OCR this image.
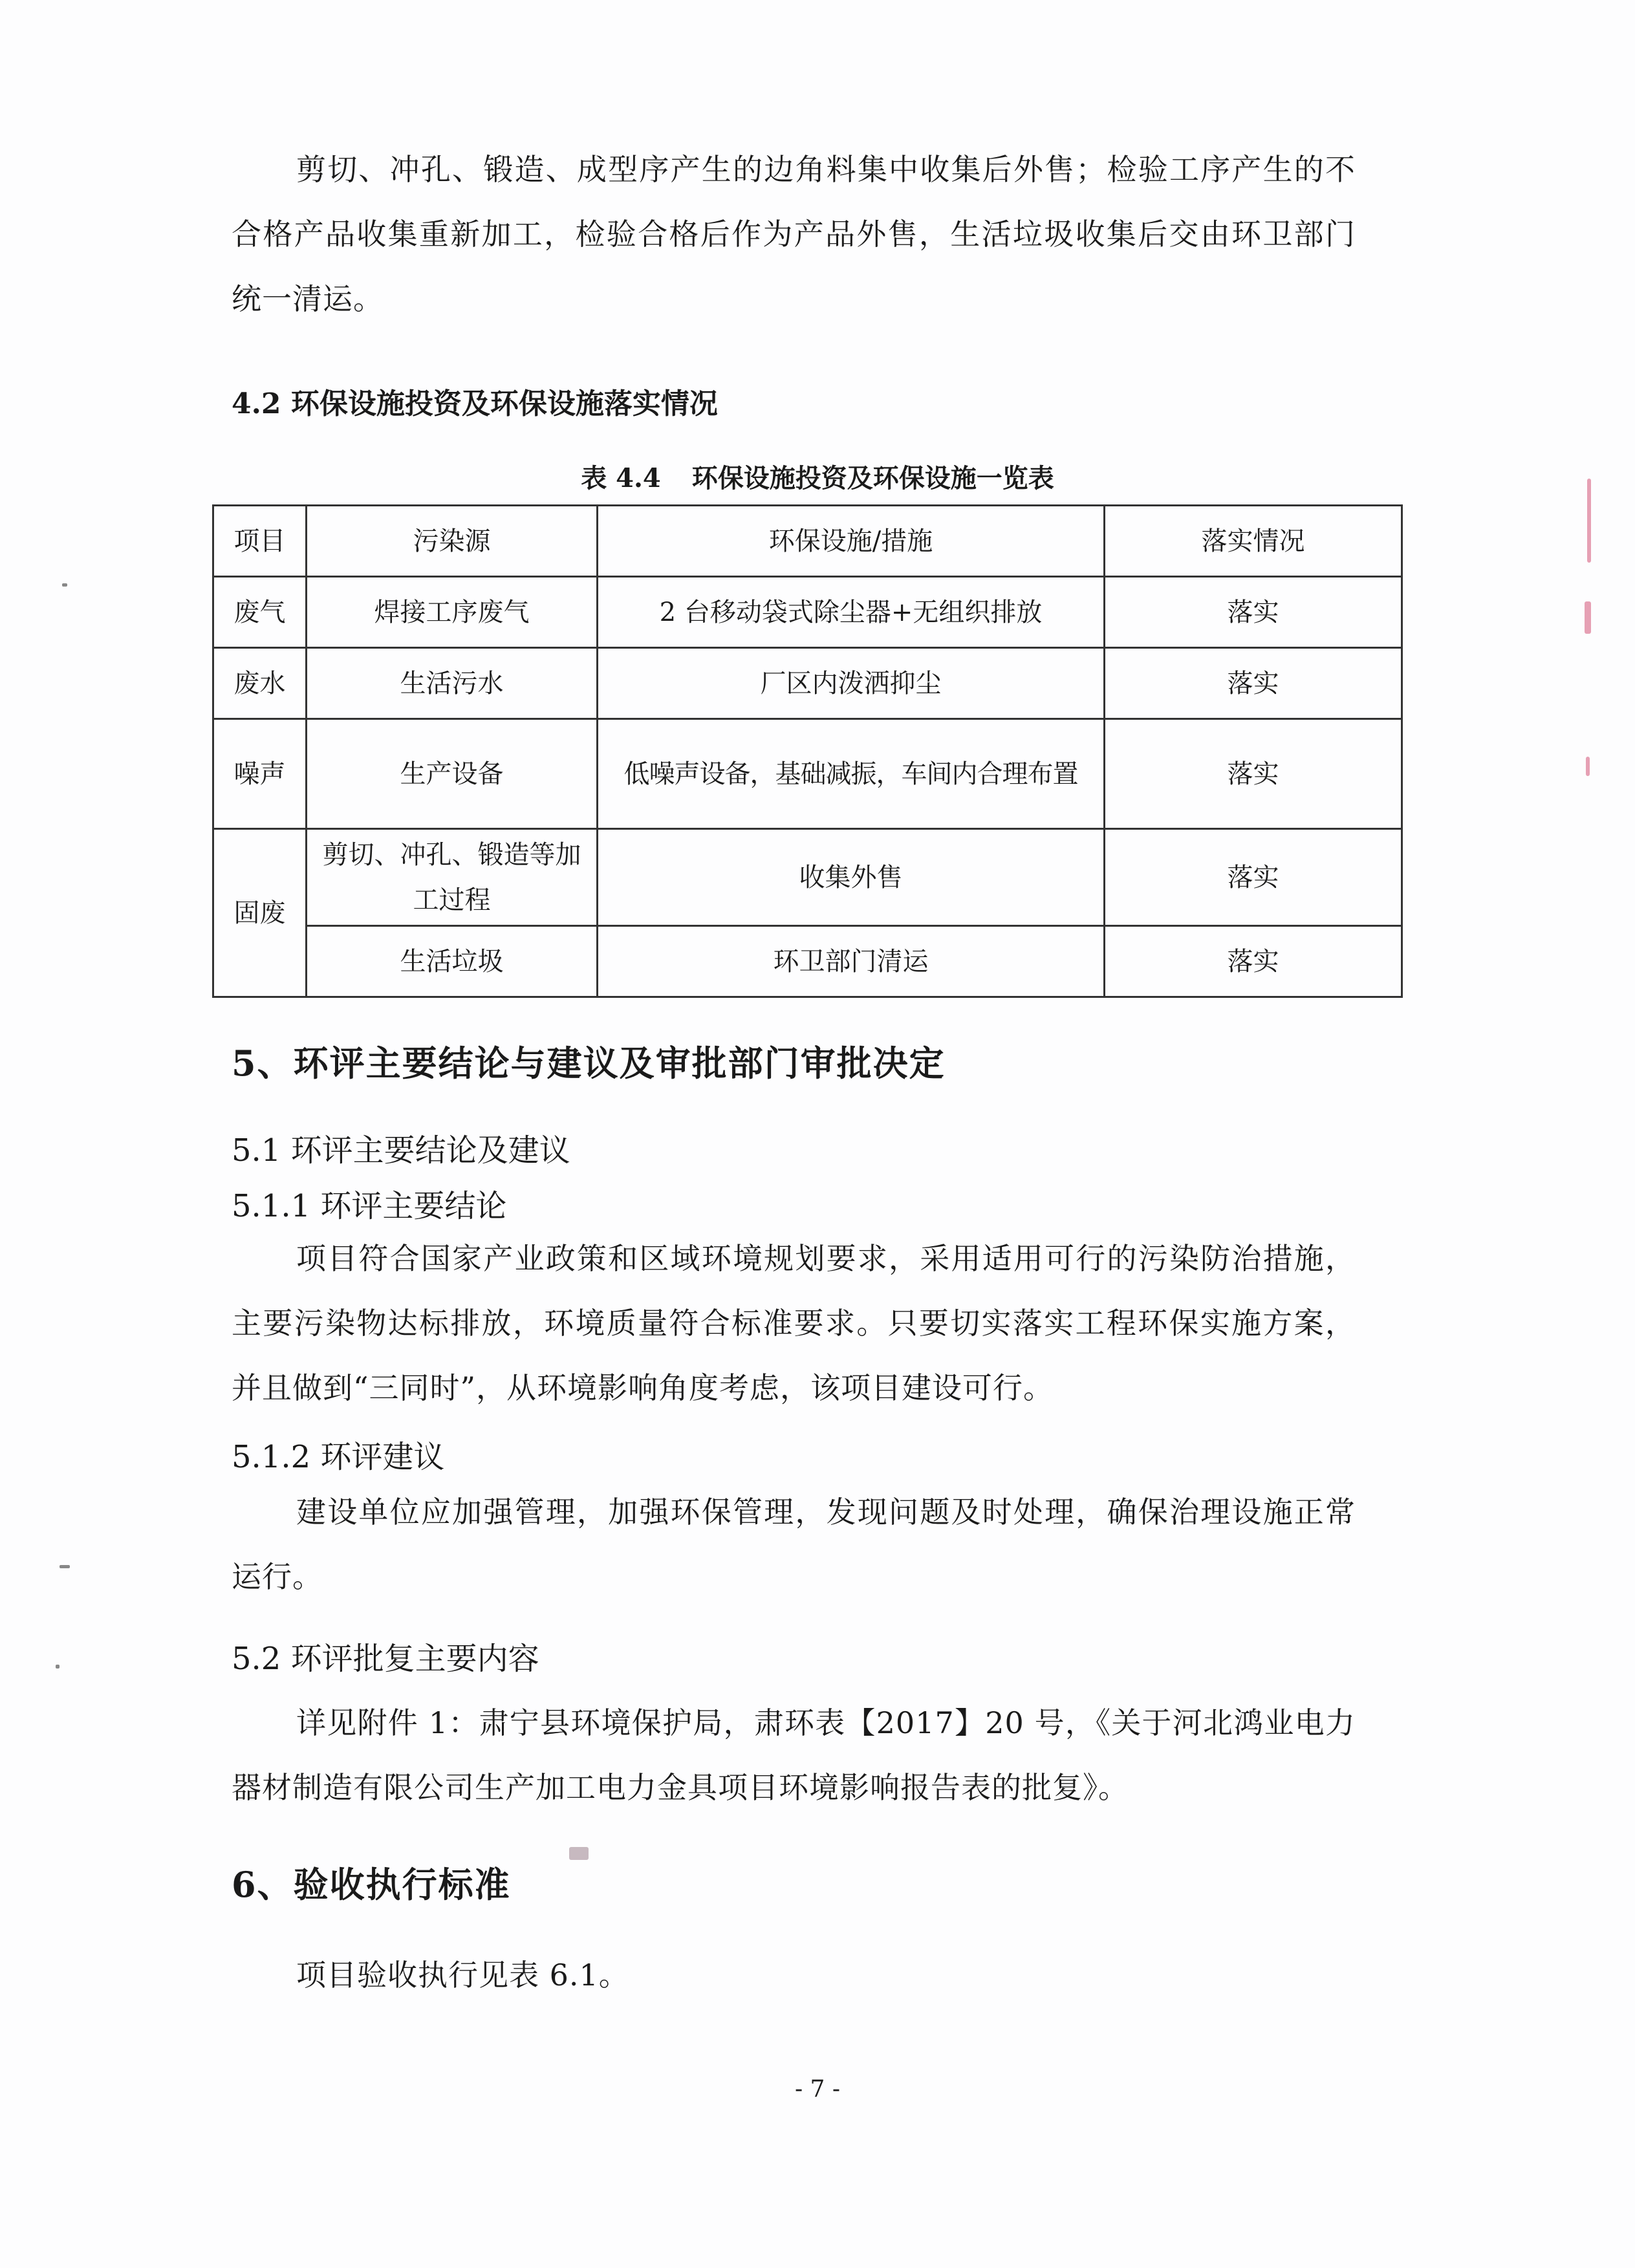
剪切、冲孔、锻造、成型序产生的边角料集中收集后外售；检验工序产生的不合格产品收集重新加工，检验合格后作为产品外售，生活垃圾收集后交由环卫部门统一清运。

4.2 环保设施投资及环保设施落实情况
表 4.4 环保设施投资及环保设施一览表
项目	污染源	环保设施/措施	落实情况
废气	焊接工序废气	2 台移动袋式除尘器+无组织排放	落实
废水	生活污水	厂区内泼洒抑尘	落实
噪声	生产设备	低噪声设备，基础减振，车间内合理布置	落实
固废	剪切、冲孔、锻造等加工过程	收集外售	落实
	生活垃圾	环卫部门清运	落实
5、环评主要结论与建议及审批部门审批决定
5.1 环评主要结论及建议
5.1.1 环评主要结论

项目符合国家产业政策和区域环境规划要求，采用适用可行的污染防治措施，主要污染物达标排放，环境质量符合标准要求。只要切实落实工程环保实施方案，并且做到“三同时”，从环境影响角度考虑，该项目建设可行。

5.1.2 环评建议

建设单位应加强管理，加强环保管理，发现问题及时处理，确保治理设施正常运行。

5.2 环评批复主要内容

详见附件 1：肃宁县环境保护局，肃环表【2017】20 号，《关于河北鸿业电力器材制造有限公司生产加工电力金具项目环境影响报告表的批复》。

6、验收执行标准

项目验收执行见表 6.1。

- 7 -
